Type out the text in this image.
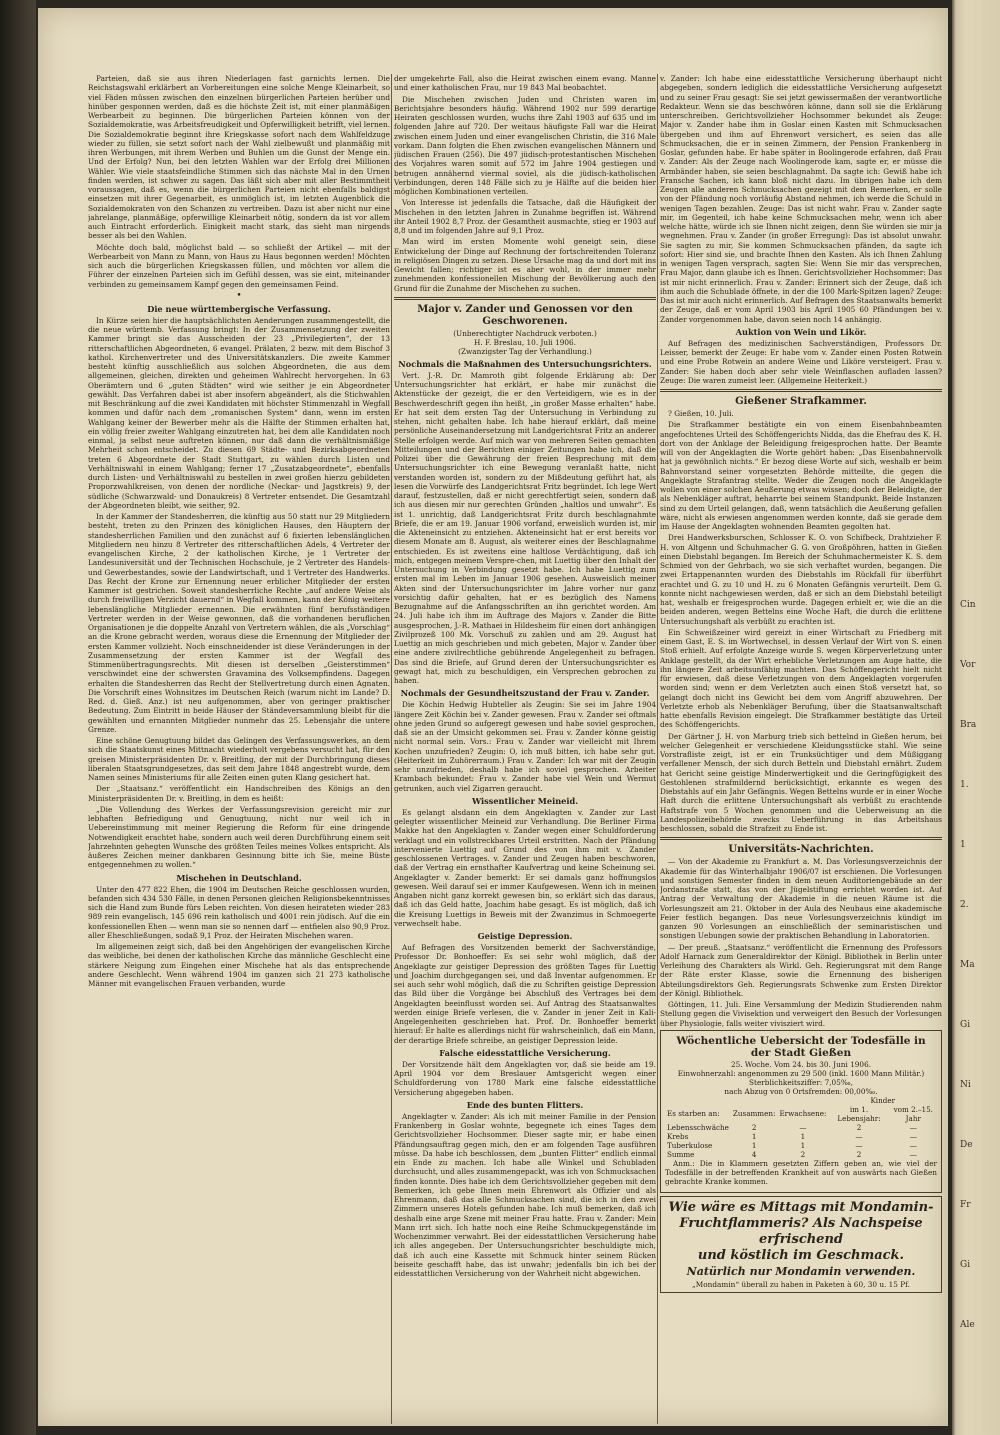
Parteien, daß sie aus ihren Niederlagen fast garnichts lernen. Die Reichstagswahl erklärbert an Vorbereitungen eine solche Menge Kleinarbeit, so viel Fäden müssen zwischen den einzelnen bürgerlichen Parteien herüber und hinüber gesponnen werden, daß es die höchste Zeit ist, mit einer planmäßigen Werbearbeit zu beginnen. Die bürgerlichen Parteien können von der Sozialdemokratie, was Arbeitsfreudigkeit und Opferwilligkeit betrifft, viel lernen. Die Sozialdemokratie beginnt ihre Kriegskasse sofort nach dem Wahlfeldzuge wieder zu füllen, sie setzt sofort nach der Wahl zielbewußt und planmäßig mit ihren Werbungen, mit ihrem Werben und Buhlen um die Gunst der Menge ein. Und der Erfolg? Nun, bei den letzten Wahlen war der Erfolg drei Millionen Wähler. Wie viele staatsfeindliche Stimmen sich das nächste Mal in den Urnen finden werden, ist schwer zu sagen. Das läßt sich aber mit aller Bestimmtheit voraussagen, daß es, wenn die bürgerlichen Parteien nicht ebenfalls baldigst einsetzen mit ihrer Gegenarbeit, es unmöglich ist, im letzten Augenblick die Sozialdemokraten von den Schanzen zu vertreiben. Dazu ist aber nicht nur eine jahrelange, planmäßige, opferwillige Kleinarbeit nötig, sondern da ist vor allem auch Eintracht erforderlich. Einigkeit macht stark, das sieht man nirgends besser als bei den Wahlen.

Möchte doch bald, möglichst bald — so schließt der Artikel — mit der Werbearbeit von Mann zu Mann, von Haus zu Haus begonnen werden! Möchten sich auch die bürgerlichen Kriegskassen füllen, und möchten vor allem die Führer der einzelnen Parteien sich im Gefühl dessen, was sie eint, miteinander verbinden zu gemeinsamem Kampf gegen den gemeinsamen Feind.

•
Die neue württembergische Verfassung.

In Kürze seien hier die hauptsächlichsten Aenderungen zusammengestellt, die die neue württemb. Verfassung bringt: In der Zusammensetzung der zweiten Kammer bringt sie das Ausscheiden der 23 „Privilegierten“, der 13 ritterschaftlichen Abgeordneten, 6 evangel. Prälaten, 2 bezw. mit dem Bischof 3 kathol. Kirchenvertreter und des Universitätskanzlers. Die zweite Kammer besteht künftig ausschließlich aus solchen Abgeordneten, die aus dem allgemeinen, gleichen, direkten und geheimen Wahlrecht hervorgehen. In 63 Oberämtern und 6 „guten Städten“ wird wie seither je ein Abgeordneter gewählt. Das Verfahren dabei ist aber insofern abgeändert, als die Stichwahlen mit Beschränkung auf die zwei Kandidaten mit höchster Stimmenzahl in Wegfall kommen und dafür nach dem „romanischen System“ dann, wenn im ersten Wahlgang keiner der Bewerber mehr als die Hälfte der Stimmen erhalten hat, ein völlig freier zweiter Wahlgang einzutreten hat, bei dem alle Kandidaten noch einmal, ja selbst neue auftreten können, nur daß dann die verhältnismäßige Mehrheit schon entscheidet. Zu diesen 69 Städte- und Bezirksabgeordneten treten 6 Abgeordnete der Stadt Stuttgart, zu wählen durch Listen und Verhältniswahl in einem Wahlgang; ferner 17 „Zusatzabgeordnete“, ebenfalls durch Listen- und Verhältniswahl zu bestellen in zwei großen hierzu gebildeten Proporzwahlkreisen, von denen der nordliche (Neckar- und Jagstkreis) 9, der südliche (Schwarzwald- und Donaukreis) 8 Vertreter entsendet. Die Gesamtzahl der Abgeordneten bleibt, wie seither, 92.

In der Kammer der Standesherren, die künftig aus 50 statt nur 29 Mitgliedern besteht, treten zu den Prinzen des königlichen Hauses, den Häuptern der standesherrlichen Familien und den zunächst auf 6 fixierten lebenslänglichen Mitgliedern neu hinzu 8 Vertreter des ritterschaftlichen Adels, 4 Vertreter der evangelischen Kirche, 2 der katholischen Kirche, je 1 Vertreter der Landesuniversität und der Technischen Hochschule, je 2 Vertreter des Handels- und Gewerbestandes, sowie der Landwirtschaft, und 1 Vertreter des Handwerks. Das Recht der Krone zur Ernennung neuer erblicher Mitglieder der ersten Kammer ist gestrichen. Soweit standesherrliche Rechte „auf andere Weise als durch freiwilligen Verzicht dauernd“ in Wegfall kommen, kann der König weitere lebenslängliche Mitglieder ernennen. Die erwähnten fünf berufsständigen Vertreter werden in der Weise gewonnen, daß die vorhandenen beruflichen Organisationen je die doppelte Anzahl von Vertretern wählen, die als „Vorschlag“ an die Krone gebracht werden, woraus diese die Ernennung der Mitglieder der ersten Kammer vollzieht. Noch einschneidender ist diese Veränderungen in der Zusammensetzung der ersten Kammer ist der Wegfall des Stimmenübertragungsrechts. Mit diesen ist derselben „Geisterstimmen“ verschwindet eine der schwersten Gravamina des Volksempfindens. Dagegen erhalten die Standesherren das Recht der Stellvertretung durch einen Agnaten. Die Vorschrift eines Wohnsitzes im Deutschen Reich (warum nicht im Lande? D. Red. d. Gieß. Anz.) ist neu aufgenommen, aber von geringer praktischer Bedeutung. Zum Eintritt in beide Häuser der Ständeversammlung bleibt für die gewählten und ernannten Mitglieder nunmehr das 25. Lebensjahr die untere Grenze.

Eine schöne Genugtuung bildet das Gelingen des Verfassungswerkes, an dem sich die Staatskunst eines Mittnacht wiederholt vergebens versucht hat, für den greisen Ministerpräsidenten Dr. v. Breitling, der mit der Durchbringung dieses liberalen Staatsgrundgesetzes, das seit dem Jahre 1848 angestrebt wurde, dem Namen seines Ministeriums für alle Zeiten einen guten Klang gesichert hat.

Der „Staatsanz.“ veröffentlicht ein Handschreiben des Königs an den Ministerpräsidenten Dr. v. Breitling, in dem es heißt:

„Die Vollendung des Werkes der Verfassungsrevision gereicht mir zur lebhaften Befriedigung und Genugtuung, nicht nur weil ich in Uebereinstimmung mit meiner Regierung die Reform für eine dringende Notwendigkeit erachtet habe, sondern auch weil deren Durchführung einem seit Jahrzehnten gehegten Wunsche des größten Teiles meines Volkes entspricht. Als äußeres Zeichen meiner dankbaren Gesinnung bitte ich Sie, meine Büste entgegennehmen zu wollen.“

Mischehen in Deutschland.

Unter den 477 822 Ehen, die 1904 im Deutschen Reiche geschlossen wurden, befanden sich 434 530 Fälle, in denen Personen gleichen Religionsbekenntnisses sich die Hand zum Bunde fürs Leben reichten. Von diesen heirateten wieder 283 989 rein evangelisch, 145 696 rein katholisch und 4001 rein jüdisch. Auf die ein konfessionellen Ehen — wenn man sie so nennen darf — entfielen also 90,9 Proz. aller Eheschließungen, sodaß 9,1 Proz. der Heiraten Mischehen waren.

Im allgemeinen zeigt sich, daß bei den Angehörigen der evangelischen Kirche das weibliche, bei denen der katholischen Kirche das männliche Geschlecht eine stärkere Neigung zum Eingehen einer Mischehe hat als das entsprechende andere Geschlecht. Wenn während 1904 im ganzen sich 21 273 katholische Männer mit evangelischen Frauen verbanden, wurde

der umgekehrte Fall, also die Heirat zwischen einem evang. Manne und einer katholischen Frau, nur 19 843 Mal beobachtet.

Die Mischehen zwischen Juden und Christen waren im Berichtsjahre besonders häufig. Während 1902 nur 599 derartige Heiraten geschlossen wurden, wuchs ihre Zahl 1903 auf 635 und im folgenden Jahre auf 720. Der weitaus häufigste Fall war die Heirat zwischen einem Juden und einer evangelischen Christin, die 316 Male vorkam. Dann folgten die Ehen zwischen evangelischen Männern und jüdischen Frauen (256). Die 497 jüdisch-protestantischen Mischehen des Vorjahres waren somit auf 572 im Jahre 1904 gestiegen und betrugen annähernd viermal soviel, als die jüdisch-katholischen Verbindungen, deren 148 Fälle sich zu je Hälfte auf die beiden hier möglichen Kombinationen verteilen.

Von Interesse ist jedenfalls die Tatsache, daß die Häufigkeit der Mischehen in den letzten Jahren in Zunahme begriffen ist. Während ihr Anteil 1902 8,7 Proz. der Gesamtheit ausmachte, stieg er 1903 auf 8,8 und im folgenden Jahre auf 9,1 Proz.

Man wird im ersten Momente wohl geneigt sein, diese Entwickelung der Dinge auf Rechnung der fortschreitenden Toleranz in religiösen Dingen zu setzen. Diese Ursache mag da und dort mit ins Gewicht fallen; richtiger ist es aber wohl, in der immer mehr zunehmenden konfessionellen Mischung der Bevölkerung auch den Grund für die Zunahme der Mischehen zu suchen.

Major v. Zander und Genossen vor den Geschworenen.
(Unberechtigter Nachdruck verboten.)
H. F. Breslau, 10. Juli 1906.
(Zwanzigster Tag der Verhandlung.)
Nochmals die Maßnahmen des Untersuchungsrichters.

Vert. J.-R. Dr. Mamroth gibt folgende Erklärung ab: Der Untersuchungsrichter hat erklärt, er habe mir zunächst die Aktenstücke der gezeigt, die er den Verteidigern, wie es in der Beschwerdeschrift gegen ihn heißt, „in großer Masse erhalten“ habe. Er hat seit dem ersten Tag der Untersuchung in Verbindung zu stehen, nicht gehalten habe. Ich habe hierauf erklärt, daß meine persönliche Auseinandersetzung mit Landgerichtsrat Fritz an anderer Stelle erfolgen werde. Auf mich war von mehreren Seiten gemachten Mitteilungen und der Berichten einiger Zeitungen habe ich, daß die Polizei über die Gewährung der freien Besprechung mit dem Untersuchungsrichter ich eine Bewegung veranlaßt hatte, nicht verstanden worden ist, sondern zu der Mißdeutung geführt hat, als lesen die Vorwürfe des Landgerichtsrat Fritz begründet. Ich lege Wert darauf, festzustellen, daß er nicht gerechtfertigt seien, sondern daß ich aus diesen mir nur gerechten Gründen „haltlos und unwahr“. Es ist 1. unrichtig, daß Landgerichtsrat Fritz durch beschlagnahmte Briefe, die er am 19. Januar 1906 vorfand, erweislich wurden ist, mir die Akteneinsicht zu entziehen. Akteneinsicht hat er erst bereits vor diesem Monate am 8. August, als weiterer eines der Beschlagnahme entschieden. Es ist zweitens eine haltlose Verdächtigung, daß ich mich, entgegen meinem Verspre-chen, mit Luettig über den Inhalt der Untersuchung in Verbindung gesetzt habe. Ich habe Luettig zum ersten mal im Leben im Januar 1906 gesehen. Ausweislich meiner Akten sind der Untersuchungsrichter im Jahre vorher nur ganz vorsichtig dafür gehalten, hat er es bezüglich des Namens Bezugnahme auf die Anfangsschriften an ihn gerichtet worden. Am 24. Juli habe ich ihm im Auftrage des Majors v. Zander die Bitte ausgesprochen, J.-R. Mathaei in Hildesheim für einen dort anhängigen Zivilprozeß 100 Mk. Vorschuß zu zahlen und am 29. August hat Luettig an mich geschrieben und mich gebeten, Major v. Zander über eine andere zivilrechtliche gebührende Angelegenheit zu befragen. Das sind die Briefe, auf Grund deren der Untersuchungsrichter es gewagt hat, mich zu beschuldigen, ein Versprechen gebrochen zu haben.

Nochmals der Gesundheitszustand der Frau v. Zander.

Die Köchin Hedwig Hubteller als Zeugin: Sie sei im Jahre 1904 längere Zeit Köchin bei v. Zander gewesen. Frau v. Zander sei oftmals ohne jeden Grund so aufgeregt gewesen und habe soviel gesprochen, daß sie an der Umsicht gekommen sei. Frau v. Zander könne geistig nicht normal sein. Vors.: Frau v. Zander war vielleicht mit Ihrem Kochen unzufrieden? Zeugin: O, ich muß bitten, ich habe sehr gut. (Heiterkeit im Zuhörerraum.) Frau v. Zander: Ich war mit der Zeugin sehr unzufrieden, deshalb habe ich soviel gesprochen. Arbeiter Krambach bekundet: Frau v. Zander habe viel Wein und Wermut getrunken, auch viel Zigarren geraucht.

Wissentlicher Meineid.

Es gelangt alsdann ein dem Angeklagten v. Zander zur Last gelegter wissentlicher Meineid zur Verhandlung. Die Berliner Firma Makke hat den Angeklagten v. Zander wegen einer Schuldforderung verklagt und ein vollstreckbares Urteil erstritten. Nach der Pfändung intervenierte Luettig auf Grund des von ihm mit v. Zander geschlossenen Vertrages. v. Zander und Zeugen haben beschworen, daß der Vertrag ein ernsthafter Kaufvertrag und keine Scheinung sei. Angeklagter v. Zander bemerkt: Er sei damals ganz hoffnungslos gewesen. Weil darauf sei er immer Kaufgewesen. Wenn ich in meinen Angaben nicht ganz korrekt gewesen bin, so erklärt sich das daraus, daß ich das Geld hatte, Joachim habe gesagt. Es ist möglich, daß ich die Kreisung Luettigs in Beweis mit der Zwanzimus in Schmoegerte verwechselt habe.

Geistige Depression.

Auf Befragen des Vorsitzenden bemerkt der Sachverständige, Professor Dr. Bonhoeffer: Es sei sehr wohl möglich, daß der Angeklagte zur geistiger Depression des größten Tages für Luettig und Joachim durchgegangen sei, und daß Inventar aufgenommen. Er sei auch sehr wohl möglich, daß die zu Schriften geistige Depression das Bild über die Vorgänge bei Abschluß des Vertrages bei dem Angeklagten beeinflusst worden sei. Auf Antrag des Staatsanwaltes werden einige Briefe verlesen, die v. Zander in jener Zeit in Kali-Angelegenheiten geschrieben hat. Prof. Dr. Bonhoeffer bemerkt hierauf: Er halte es allerdings nicht für wahrscheinlich, daß ein Mann, der derartige Briefe schreibe, an geistiger Depression leide.

Falsche eidesstattliche Versicherung.

Der Vorsitzende hält dem Angeklagten vor, daß sie beide am 19. April 1904 vor dem Breslauer Amtsgericht wegen einer Schuldforderung von 1780 Mark eine falsche eidesstattliche Versicherung abgegeben haben.

Ende des bunten Flitters.

Angeklagter v. Zander: Als ich mit meiner Familie in der Pension Frankenberg in Goslar wohnte, begegnete ich eines Tages dem Gerichtsvollzieher Hochsommer. Dieser sagte mir, er habe einen Pfändungsauftrag gegen mich, den er am folgenden Tage ausführen müsse. Da habe ich beschlossen, dem „bunten Flitter“ endlich einmal ein Ende zu machen. Ich habe alle Winkel und Schubladen durchsucht, und alles zusammengepackt, was ich von Schmucksachen finden konnte. Dies habe ich dem Gerichtsvollzieher gegeben mit dem Bemerken, ich gebe Ihnen mein Ehrenwort als Offizier und als Ehrenmann, daß das alle Schmucksachen sind, die ich in den zwei Zimmern unseres Hotels gefunden habe. Ich muß bemerken, daß ich deshalb eine arge Szene mit meiner Frau hatte. Frau v. Zander: Mein Mann irrt sich. Ich hatte noch eine Reihe Schmuckgegenstände im Wochenzimmer verwahrt. Bei der eidesstattlichen Versicherung habe ich alles angegeben. Der Untersuchungsrichter beschuldigte mich, daß ich auch eine Kassette mit Schmuck hinter seinem Rücken beiseite geschafft habe, das ist unwahr; jedenfalls bin ich bei der eidesstattlichen Versicherung von der Wahrheit nicht abgewichen.

v. Zander: Ich habe eine eidesstattliche Versicherung überhaupt nicht abgegeben, sondern lediglich die eidesstattliche Versicherung aufgesetzt und zu seiner Frau gesagt: Sie sei jetzt gewissermaßen der verantwortliche Redakteur. Wenn sie das beschwören könne, dann soll sie die Erklärung unterschreiben. Gerichtsvollzieher Hochsommer bekundet als Zeuge: Major v. Zander habe ihm in Goslar einen Kasten mit Schmucksachen übergeben und ihm auf Ehrenwort versichert, es seien das alle Schmucksachen, die er in seinen Zimmern, der Pension Frankenberg in Goslar, gefunden habe. Er habe später in Boolingerode erfahren, daß Frau v. Zander: Als der Zeuge nach Woolingerode kam, sagte er, er müsse die Armbänder haben, sie seien beschlagnahmt. Da sagte ich: Gewiß habe ich Fransche Sachen, ich kann bloß nicht dazu. Im übrigen habe ich dem Zeugen alle anderen Schmucksachen gezeigt mit dem Bemerken, er solle von der Pfändung noch vorläufig Abstand nehmen, ich werde die Schuld in wenigen Tagen bezahlen. Zeuge: Das ist nicht wahr. Frau v. Zander sagte mir, im Gegenteil, ich habe keine Schmucksachen mehr, wenn ich aber welche hätte, würde ich sie Ihnen nicht zeigen, denn Sie würden sie mir ja wegnehmen. Frau v. Zander (in großer Erregung): Das ist absolut unwahr. Sie sagten zu mir, Sie kommen Schmucksachen pfänden, da sagte ich sofort: Hier sind sie, und brachte Ihnen den Kasten. Als ich Ihnen Zahlung in wenigen Tagen versprach, sagten Sie: Wenn Sie mir das versprechen, Frau Major, dann glaube ich es Ihnen. Gerichtsvollzieher Hochsommer: Das ist mir nicht erinnerlich. Frau v. Zander: Erinnert sich der Zeuge, daß ich ihm auch die Schublade öffnete, in der die 100 Mark-Spitzen lagen? Zeuge: Das ist mir auch nicht erinnerlich. Auf Befragen des Staatsanwalts bemerkt der Zeuge, daß er vom April 1903 bis April 1905 60 Pfändungen bei v. Zander vorgenommen habe, davon seien noch 14 anhängig.

Auktion von Wein und Likör.

Auf Befragen des medizinischen Sachverständigen, Professors Dr. Leisser, bemerkt der Zeuge: Er habe vom v. Zander einen Posten Rotwein und eine Probe Rotwein an andere Weine und Liköre versteigert. Frau v. Zander: Sie haben doch aber sehr viele Weinflaschen aufladen lassen? Zeuge: Die waren zumeist leer. (Allgemeine Heiterkeit.)

Gießener Strafkammer.

? Gießen, 10. Juli.

Die Strafkammer bestätigte ein von einem Eisenbahnbeamten angefochtenes Urteil des Schöffengerichts Nidda, das die Ehefrau des K. H. dort von der Anklage der Beleidigung freigesprochen hatte. Der Beamte will von der Angeklagten die Worte gehört haben: „Das Eisenbahnervolk hat ja gewöhnlich nichts.“ Er bezog diese Worte auf sich, weshalb er beim Bahnvorstand seiner vorgesetzten Behörde mitteilte, die gegen die Angeklagte Strafantrag stellte. Weder die Zeugen noch die Angeklagte wollen von einer solchen Aeußerung etwas wissen; doch der Beleidigte, der als Nebenkläger auftrat, beharrte bei seinem Standpunkt. Beide Instanzen sind zu dem Urteil gelangen, daß, wenn tatsächlich die Aeußerung gefallen wäre, nicht als erwiesen angenommen werden konnte, daß sie gerade dem im Hause der Angeklagten wohnenden Beamten gegolten hat.

Drei Handwerksburschen, Schlosser K. O. von Schifbeck, Drahtzieher F. H. von Altgenn und Schuhmacher G. G. von Großpöhren, hatten in Gießen einen Diebstahl begangen. Im Bereich der Schuhmachermeister K. S. dem Schmied von der Gehrbach, wo sie sich verhaftet wurden, begangen. Die zwei Ertappenannten wurden des Diebstahls im Rückfall für überführt erachtet und G. zu 10 und H. zu 6 Monaten Gefängnis verurteilt. Dem G. konnte nicht nachgewiesen werden, daß er sich an dem Diebstahl beteiligt hat, weshalb er freigesprochen wurde. Dagegen erhielt er, wie die an die beiden anderen, wegen Bettelns eine Woche Haft, die durch die erlittene Untersuchungshaft als verbüßt zu erachten ist.

Ein Schweißzeiner wird gereizt in einer Wirtschaft zu Friedberg mit einem Gast, E. S. im Wortwechsel, in dessen Verlauf der Wirt von S. einen Stoß erhielt. Auf erfolgte Anzeige wurde S. wegen Körperverletzung unter Anklage gestellt, da der Wirt erhebliche Verletzungen am Auge hatte, die ihn längere Zeit arbeitsunfähig machten. Das Schöffengericht hielt nicht für erwiesen, daß diese Verletzungen von dem Angeklagten vorgerufen worden sind; wenn er dem Verletzten auch einen Stoß versetzt hat, so gelangt doch nicht ins Gewicht bei dem vom Angriff abzuwehren. Der Verletzte erhob als Nebenkläger Berufung, über die Staatsanwaltschaft hatte ebenfalls Revision eingelegt. Die Strafkammer bestätigte das Urteil des Schöffengerichts.

Der Gärtner J. H. von Marburg trieb sich bettelnd in Gießen herum, bei welcher Gelegenheit er verschiedene Kleidungsstücke stahl. Wie seine Vorstrafliste zeigt, ist er ein Trunksüchtiger und dem Müßiggang verfallener Mensch, der sich durch Betteln und Diebstahl ernährt. Zudem hat Gericht seine geistige Minderwertigkeit und die Geringfügigkeit des Gestohlenen strafmildernd berücksichtigt, erkannte es wegen des Diebstahls auf ein Jahr Gefängnis. Wegen Bettelns wurde er in einer Woche Haft durch die erlittene Untersuchungshaft als verbüßt zu erachtende Haftstrafe von 5 Wochen genommen und die Ueberweisung an die Landespolizeibehörde zwecks Ueberführung in das Arbeitshaus beschlossen, sobald die Strafzeit zu Ende ist.

Universitäts-Nachrichten.

— Von der Akademie zu Frankfurt a. M. Das Vorlesungsverzeichnis der Akademie für das Winterhalbjahr 1906/07 ist erschienen. Die Vorlesungen und sonstigen Semester finden in dem neuen Auditoriengebäude an der Jordanstraße statt, das von der Jügelstiftung errichtet worden ist. Auf Antrag der Verwaltung der Akademie in die neuen Räume ist die Vorlesungszeit am 21. Oktober in der Aula des Neubaus eine akademische Feier festlich begangen. Das neue Vorlesungsverzeichnis kündigt im ganzen 90 Vorlesungen an einschließlich der seminaristischen und sonstigen Uebungen sowie der praktischen Behandlung in Laboratorien.

— Der preuß. „Staatsanz.“ veröffentlicht die Ernennung des Professors Adolf Harnack zum Generaldirektor der Königl. Bibliothek in Berlin unter Verleihung des Charakters als Wirkl. Geh. Regierungsrat mit dem Range der Räte erster Klasse, sowie die Ernennung des bisherigen Abteilungsdirektors Geh. Regierungsrats Schwenke zum Ersten Direktor der Königl. Bibliothek.

Göttingen, 11. Juli. Eine Versammlung der Medizin Studierenden nahm Stellung gegen die Vivisektion und verweigert den Besuch der Vorlesungen über Physiologie, falls weiter vivisziert wird.

Wöchentliche Uebersicht der Todesfälle in der Stadt Gießen
25. Woche. Vom 24. bis 30. Juni 1906.
Einwohnerzahl: angenommen zu 29 500 (inkl. 1600 Mann Militär.)
Sterblichkeitsziffer: 7,05‰,
nach Abzug von 0 Ortsfremden: 00,00‰.
			Kinder	
Es starben an:	Zusammen:	Erwachsene:	im 1. Lebensjahr:	vom 2.–15. Jahr
Lebensschwäche	2	—	2	—
Krebs	1	1	—	—
Tuberkulose	1	1	—	—
Summe	4	2	2	—

Anm.: Die in Klammern gesetzten Ziffern geben an, wie viel der Todesfälle in der betreffenden Krankheit auf von auswärts nach Gießen gebrachte Kranke kommen.

Wie wäre es Mittags mit Mondamin-
Fruchtflammeris? Als Nachspeise erfrischend
und köstlich im Geschmack.
Natürlich nur Mondamin verwenden.
„Mondamin“ überall zu haben in Paketen à 60, 30 u. 15 Pf.
Cin
Vor
Bra
1.
1
2.
Ma
Gi
Ni
De
Fr
Gi
Ale
